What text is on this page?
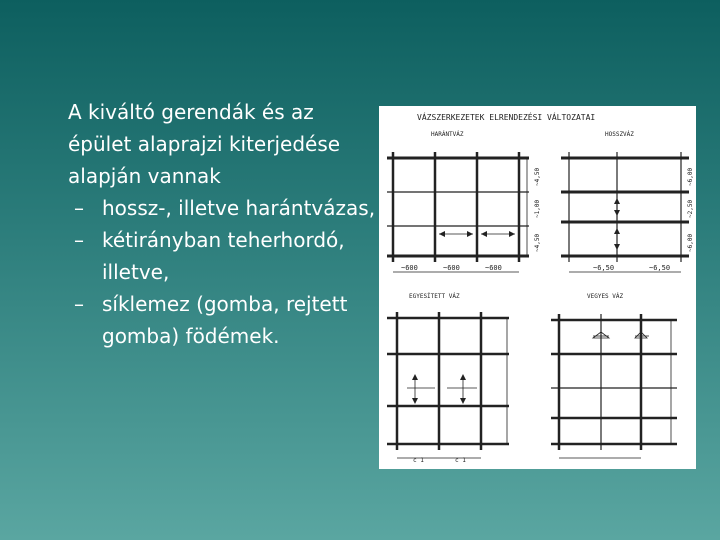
A kiváltó gerendák és az épület alaprajzi kiterjedése alapján vannak

– hossz-, illetve harántvázas,
– kétirányban teherhordó, illetve,
– síklemez (gomba, rejtett gomba) födémek.
VÁZSZERKEZETEK ELRENDEZÉSI VÁLTOZATAI
HARÁNTVÁZ
~600	~600	~600
~4,50
~1,00
~4,50
HOSSZVÁZ
~6,50	~6,50
~6,00
~2,50
~6,00
EGYESÍTETT VÁZ
c 1	c 1
VEGYES VÁZ
